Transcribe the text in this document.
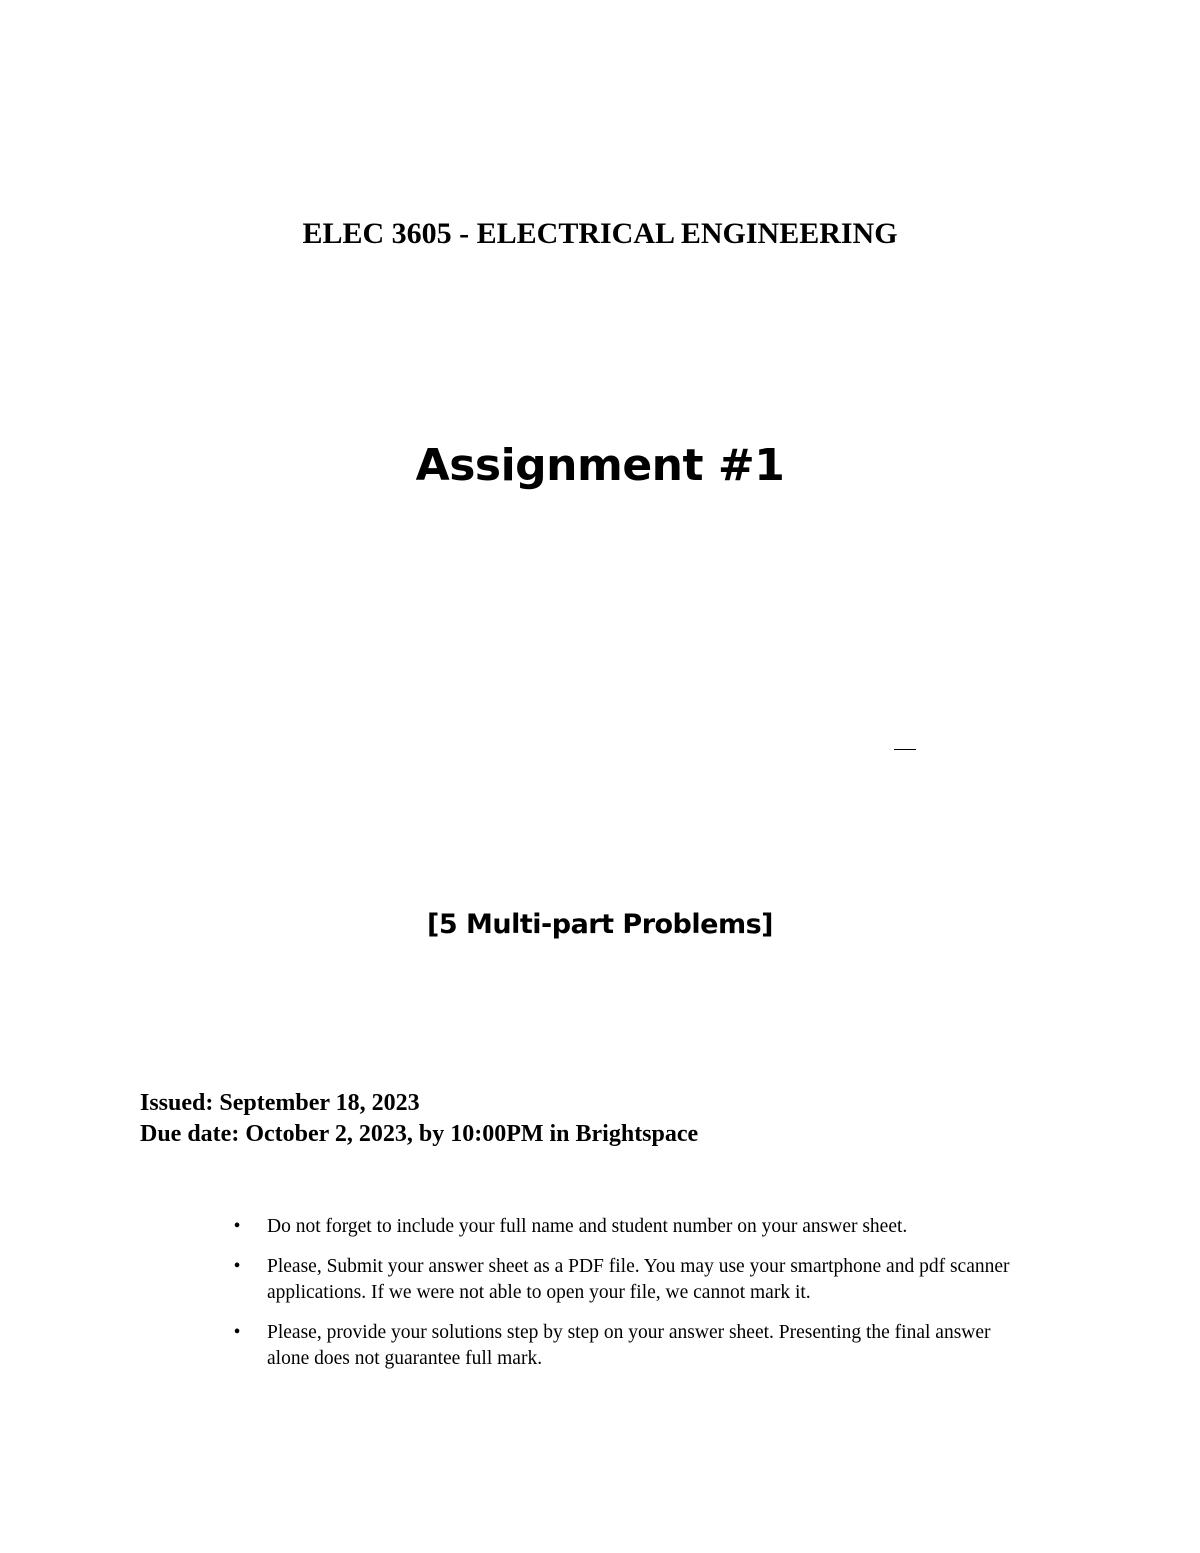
ELEC 3605 - ELECTRICAL ENGINEERING
Assignment #1
[5 Multi-part Problems]
Issued: September 18, 2023
Due date: October 2, 2023, by 10:00PM in Brightspace
• Do not forget to include your full name and student number on your answer sheet.
• Please, Submit your answer sheet as a PDF file. You may use your smartphone and pdf scanner applications. If we were not able to open your file, we cannot mark it.
• Please, provide your solutions step by step on your answer sheet. Presenting the final answer alone does not guarantee full mark.
